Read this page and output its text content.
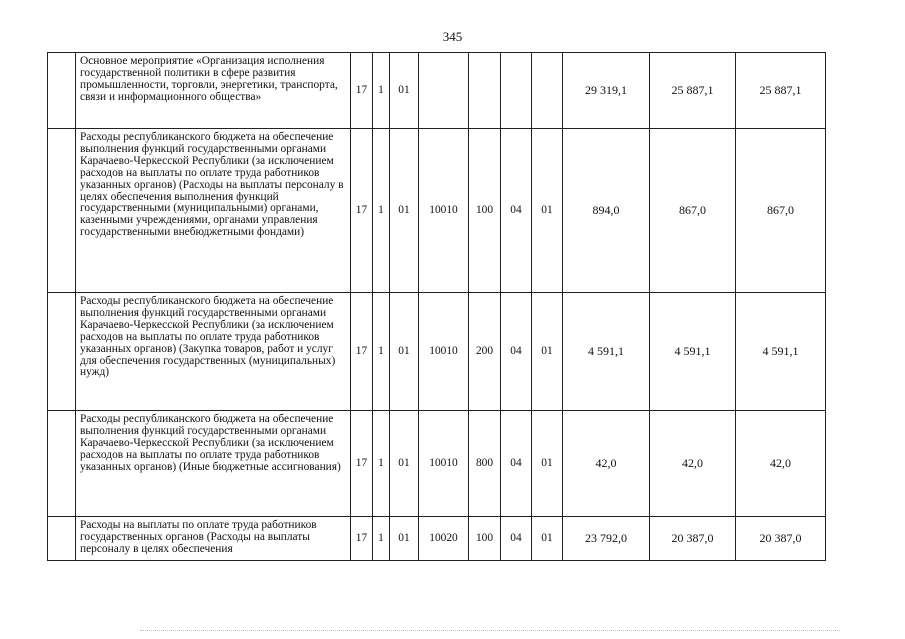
345
	Основное мероприятие «Организация исполнения государственной политики в сфере развития промышленности, торговли, энергетики, транспорта, связи и информационного общества»	17	1	01					29 319,1	25 887,1	25 887,1
	Расходы республиканского бюджета на обеспечение выполнения функций государственными органами Карачаево-Черкесской Республики (за исключением расходов на выплаты по оплате труда работников указанных органов) (Расходы на выплаты персоналу в целях обеспечения выполнения функций государственными (муниципальными) органами, казенными учреждениями, органами управления государственными внебюджетными фондами)	17	1	01	10010	100	04	01	894,0	867,0	867,0
	Расходы республиканского бюджета на обеспечение выполнения функций государственными органами Карачаево-Черкесской Республики (за исключением расходов на выплаты по оплате труда работников указанных органов) (Закупка товаров, работ и услуг для обеспечения государственных (муниципальных) нужд)	17	1	01	10010	200	04	01	4 591,1	4 591,1	4 591,1
	Расходы республиканского бюджета на обеспечение выполнения функций государственными органами Карачаево-Черкесской Республики (за исключением расходов на выплаты по оплате труда работников указанных органов) (Иные бюджетные ассигнования)	17	1	01	10010	800	04	01	42,0	42,0	42,0
	Расходы на выплаты по оплате труда работников государственных органов (Расходы на выплаты персоналу в целях обеспечения	17	1	01	10020	100	04	01	23 792,0	20 387,0	20 387,0
